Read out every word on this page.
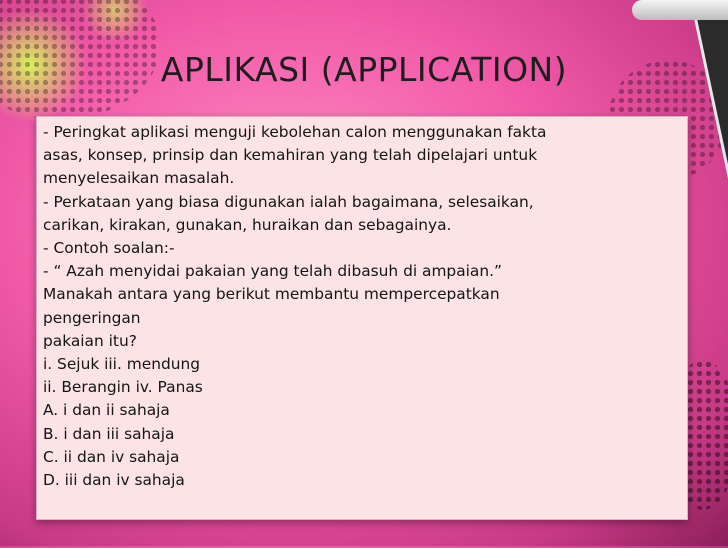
APLIKASI (APPLICATION)
- Peringkat aplikasi menguji kebolehan calon menggunakan fakta
asas, konsep, prinsip dan kemahiran yang telah dipelajari untuk
menyelesaikan masalah.
- Perkataan yang biasa digunakan ialah bagaimana, selesaikan,
carikan, kirakan, gunakan, huraikan dan sebagainya.
- Contoh soalan:-
- “ Azah menyidai pakaian yang telah dibasuh di ampaian.”
Manakah antara yang berikut membantu mempercepatkan
pengeringan
pakaian itu?
i. Sejuk iii. mendung
ii. Berangin iv. Panas
A. i dan ii sahaja
B. i dan iii sahaja
C. ii dan iv sahaja
D. iii dan iv sahaja
